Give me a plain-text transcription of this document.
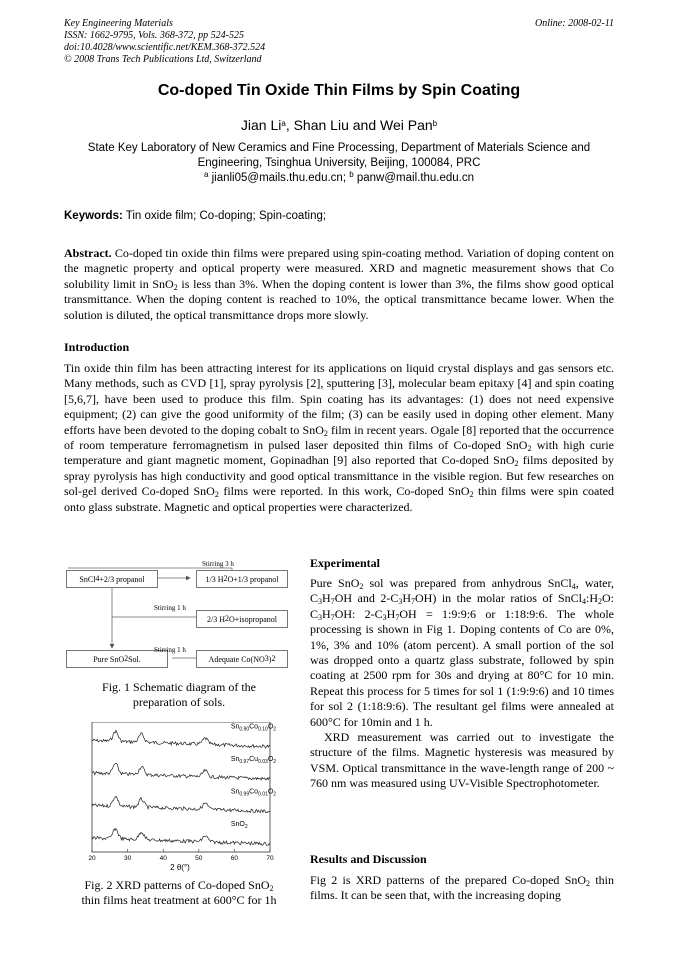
Key Engineering Materials
ISSN: 1662-9795, Vols. 368-372, pp 524-525
doi:10.4028/www.scientific.net/KEM.368-372.524
© 2008 Trans Tech Publications Ltd, Switzerland
Online: 2008-02-11
Co-doped Tin Oxide Thin Films by Spin Coating
Jian Li$^a$, Shan Liu and Wei Pan$^b$
State Key Laboratory of New Ceramics and Fine Processing, Department of Materials Science and Engineering, Tsinghua University, Beijing, 100084, PRC
$^a$ jianli05@mails.thu.edu.cn; $^b$ panw@mail.thu.edu.cn
Keywords: Tin oxide film; Co-doping; Spin-coating;
Abstract. Co-doped tin oxide thin films were prepared using spin-coating method. Variation of doping content on the magnetic property and optical property were measured. XRD and magnetic measurement shows that Co solubility limit in SnO$_2$ is less than 3%. When the doping content is lower than 3%, the films show good optical transmittance. When the doping content is reached to 10%, the optical transmittance became lower. When the solution is diluted, the optical transmittance drops more slowly.
Introduction
Tin oxide thin film has been attracting interest for its applications on liquid crystal displays and gas sensors etc. Many methods, such as CVD [1], spray pyrolysis [2], sputtering [3], molecular beam epitaxy [4] and spin coating [5,6,7], have been used to produce this film. Spin coating has its advantages: (1) does not need expensive equipment; (2) can give the good uniformity of the film; (3) can be easily used in doping other element. Many efforts have been devoted to the doping cobalt to SnO$_2$ film in recent years. Ogale [8] reported that the occurrence of room temperature ferromagnetism in pulsed laser deposited thin films of Co-doped SnO$_2$ with high curie temperature and giant magnetic moment, Gopinadhan [9] also reported that Co-doped SnO$_2$ films deposited by spray pyrolysis has high conductivity and good optical transmittance in the visible region. But few researches on sol-gel derived Co-doped SnO$_2$ films were reported. In this work, Co-doped SnO$_2$ thin films were spin coated onto glass substrate. Magnetic and optical properties were characterized.
SnCl 4 +2/3 propanol	1/3 H 2 O+1/3 propanol
Stirring 3 h
2/3 H 2 O+isopropanol
Stirring 1 h
Pure SnO 2 Sol.	Adequate Co(NO 3 ) 2
Stirring 1 h
Fig. 1 Schematic diagram of the preparation of sols.
20	30	40	50	60	70
$Sn_{0.90}Co_{0.10}O_2$
$Sn_{0.97}Cu_{0.03}O_2$
$Sn_{0.99}Co_{0.01}O_2$
SnO$_2$
2 θ(°)
Fig. 2 XRD patterns of Co-doped SnO$_2$
thin films heat treatment at 600°C for 1h
Experimental
Pure SnO$_2$ sol was prepared from anhydrous SnCl$_4$, water, $C_3H_7OH$ and $2-C_3H_7OH$) in the molar ratios of $SnCl_4:H_2O$: $C_3H_7OH$: $2-C_3H_7OH$ = 1:9:9:6 or 1:18:9:6. The whole processing is shown in Fig 1. Doping contents of Co are 0%, 1%, 3% and 10% (atom percent). A small portion of the sol was dropped onto a quartz glass substrate, followed by spin coating at 2500 rpm for 30s and drying at 80°C for 10 min. Repeat this process for 5 times for sol 1 (1:9:9:6) and 10 times for sol 2 (1:18:9:6). The resultant gel films were annealed at 600°C for 10min and 1 h.
XRD measurement was carried out to investigate the structure of the films. Magnetic hysteresis was measured by VSM. Optical transmittance in the wave-length range of 200 ~ 760 nm was measured using UV-Visible Spectrophotometer.
Results and Discussion
Fig 2 is XRD patterns of the prepared Co-doped SnO$_2$ thin films. It can be seen that, with the increasing doping
